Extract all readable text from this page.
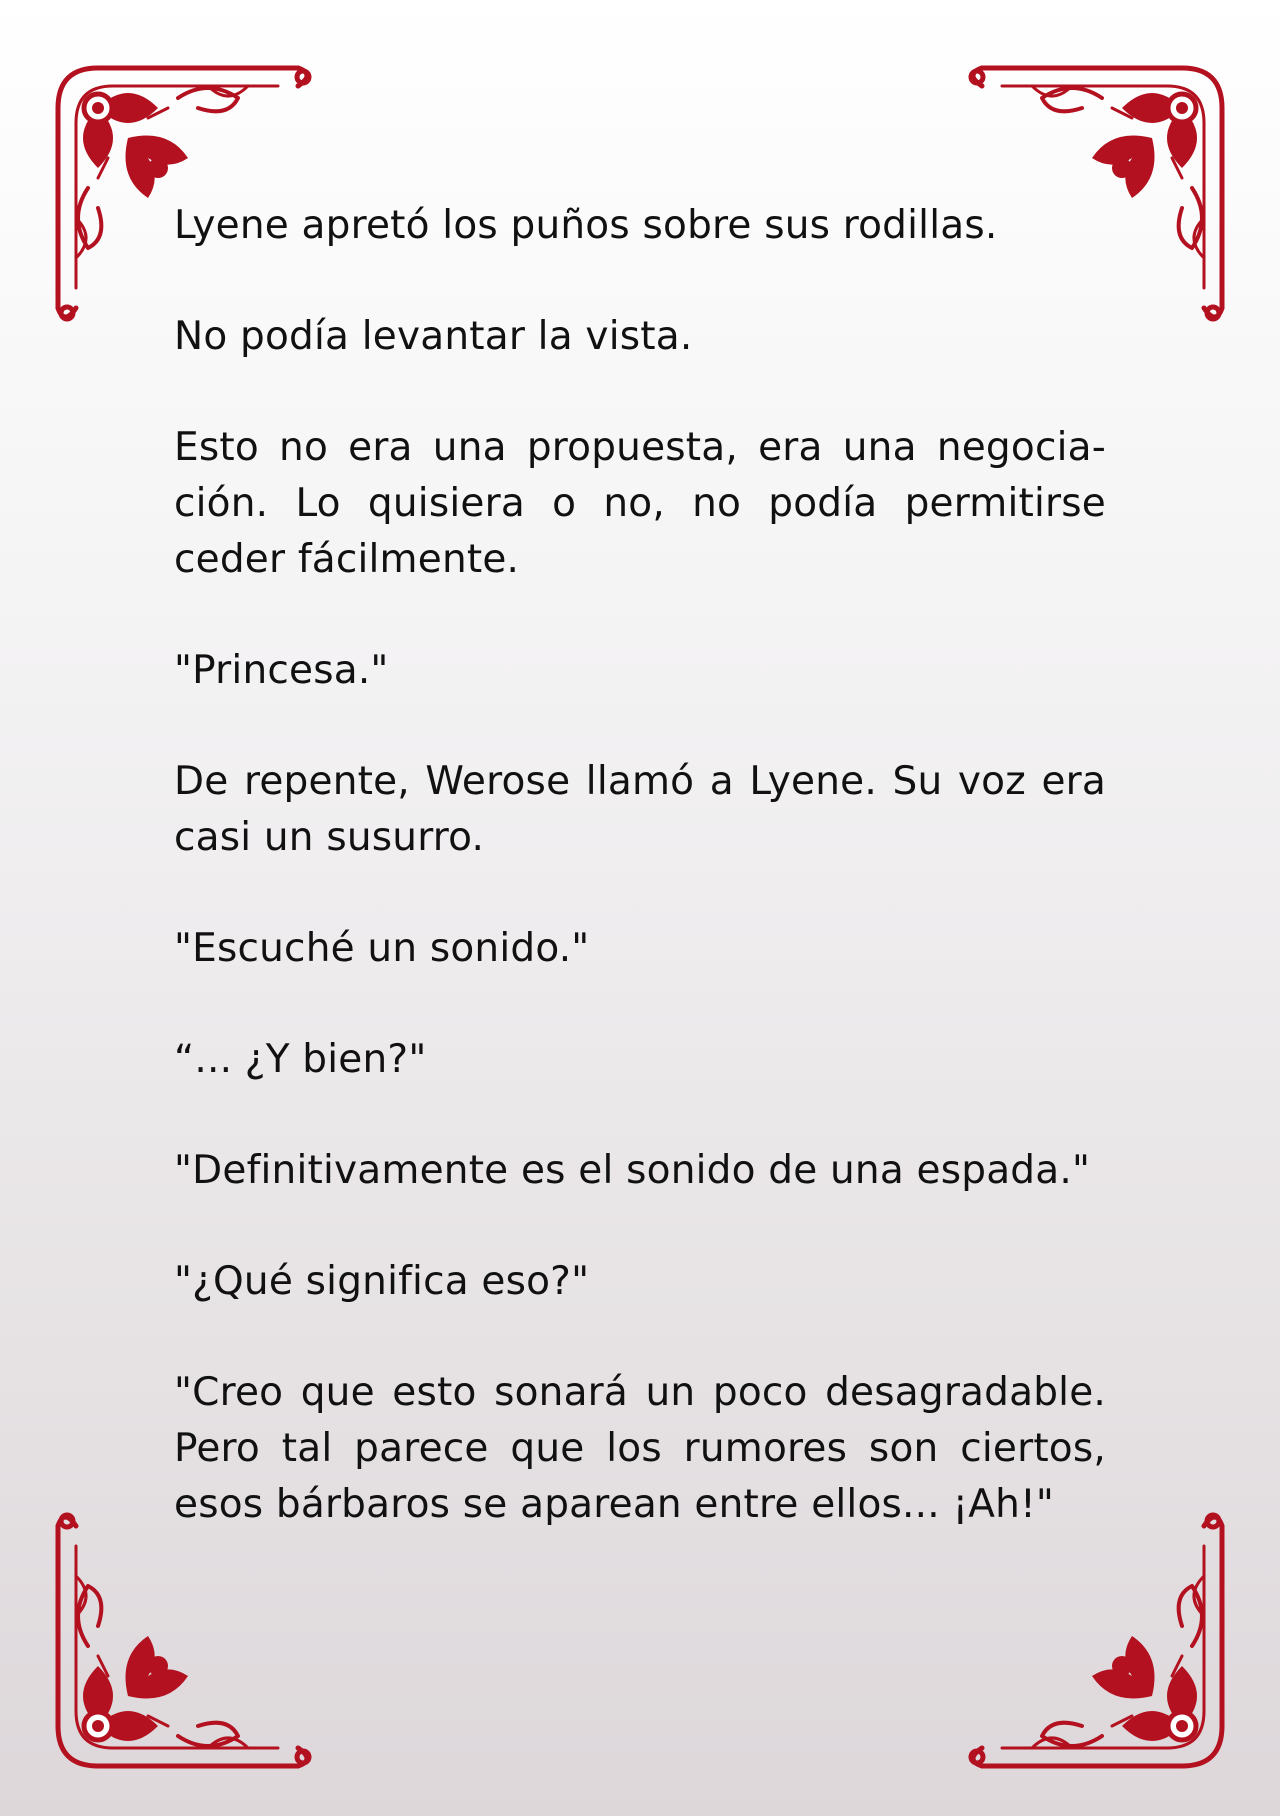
Lyene apretó los puños sobre sus rodillas.

No podía levantar la vista.

Esto no era una propuesta, era una negocia-ción. Lo quisiera o no, no podía permitirse ceder fácilmente.

"Princesa."

De repente, Werose llamó a Lyene. Su voz era casi un susurro.

"Escuché un sonido."

“... ¿Y bien?"

"Definitivamente es el sonido de una espada."

"¿Qué significa eso?"

"Creo que esto sonará un poco desagradable. Pero tal parece que los rumores son ciertos, esos bárbaros se aparean entre ellos... ¡Ah!"
